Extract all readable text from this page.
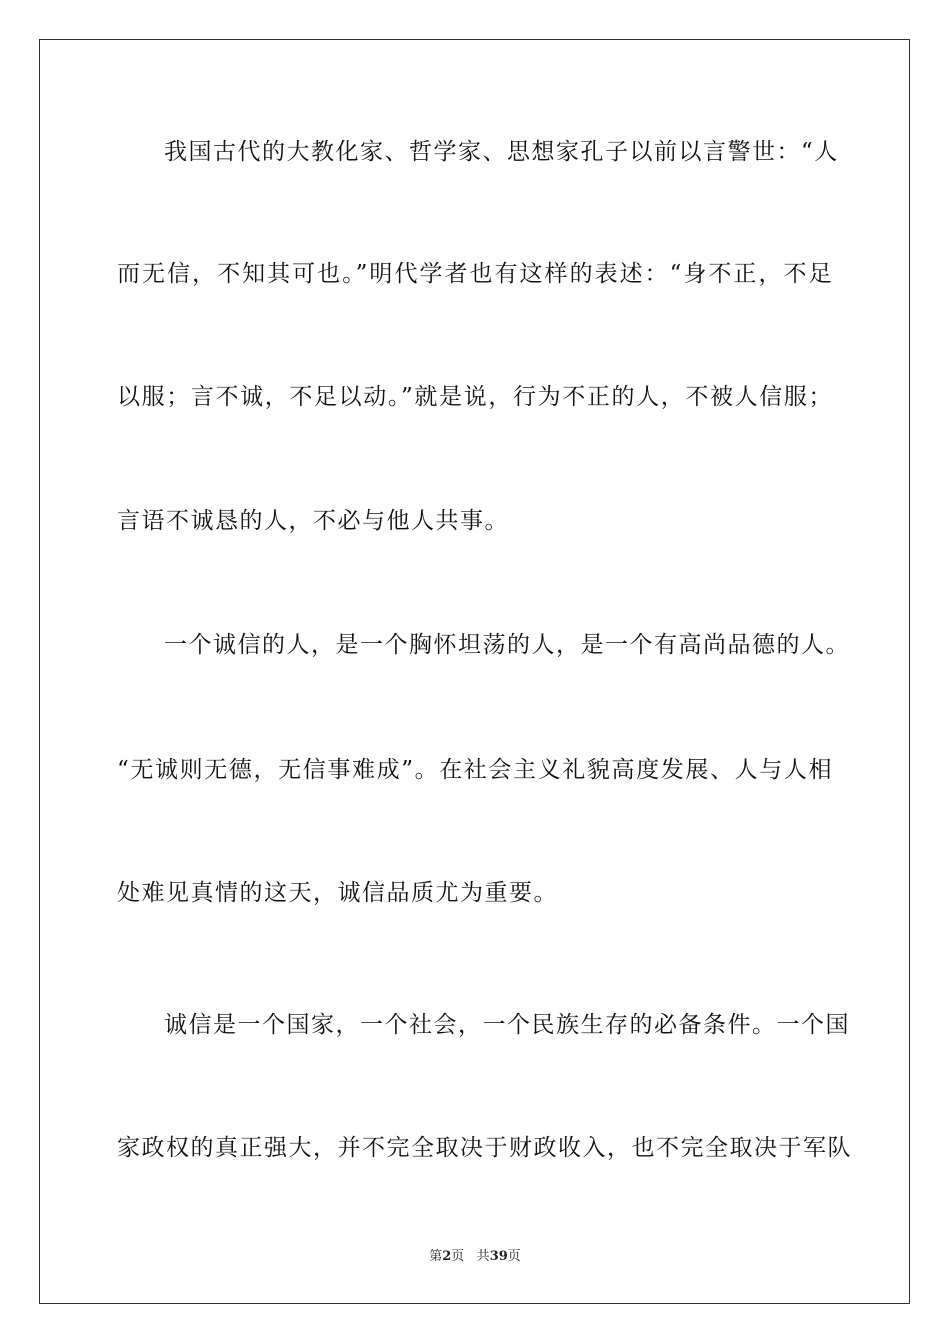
我国古代的大教化家、哲学家、思想家孔子以前以言警世：“人
而无信，不知其可也。”明代学者也有这样的表述：“身不正，不足
以服；言不诚，不足以动。”就是说，行为不正的人，不被人信服；
言语不诚恳的人，不必与他人共事。
一个诚信的人，是一个胸怀坦荡的人，是一个有高尚品德的人。
“无诚则无德，无信事难成”。在社会主义礼貌高度发展、人与人相
处难见真情的这天，诚信品质尤为重要。
诚信是一个国家，一个社会，一个民族生存的必备条件。一个国
家政权的真正强大，并不完全取决于财政收入，也不完全取决于军队
第2页 共39页
